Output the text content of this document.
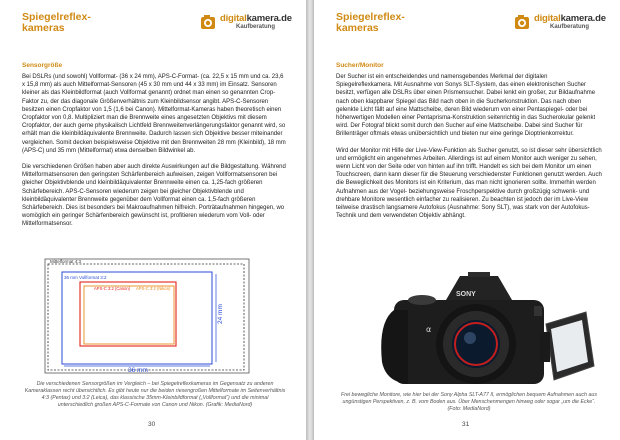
Spiegelreflex-
kameras
digitalkamera.de
Kaufberatung
Sensorgröße

Bei DSLRs (und sowohl) Vollformat- (36 x 24 mm), APS-C-Format- (ca. 22,5 x 15 mm und ca. 23,6 x 15,8 mm) als auch Mittelformat-Sensoren (45 x 30 mm und 44 x 33 mm) im Einsatz. Sensoren kleiner als das Kleinbildformat (auch Vollformat genannt) ordnet man einen so genannten Crop-Faktor zu, der das diagonale Größenverhältnis zum Kleinbildsensor angibt. APS-C-Sensoren besitzen einen Cropfaktor von 1,5 (1,6 bei Canon). Mittelformat-Kameras haben theoretisch einen Cropfaktor von 0,8. Multipliziert man die Brennweite eines angesetzten Objektivs mit diesem Cropfaktor, der auch gerne physikalisch Lichtfeld Brennweitenverlängerungsfaktor genannt wird, so erhält man die kleinbildäquivalente Brennweite. Dadurch lassen sich Objektive besser miteinander vergleichen. Somit decken beispielsweise Objektive mit den Brennweiten 28 mm (Kleinbild), 18 mm (APS-C) und 35 mm (Mittelformat) etwa denselben Bildwinkel ab.

Die verschiedenen Größen haben aber auch direkte Auswirkungen auf die Bildgestaltung. Während Mittelformatsensoren den geringsten Schärfenbereich aufweisen, zeigen Vollformatsensoren bei gleicher Objektivblende und kleinbildäquivalenter Brennweite einen ca. 1,25-fach größeren Schärfebereich. APS-C-Sensoren wiederum zeigen bei gleicher Objektivblende und kleinbildäquivalenter Brennweite gegenüber dem Vollformat einen ca. 1,5-fach größeren Schärfebereich. Dies ist besonders bei Makroaufnahmen hilfreich. Porträtaufnahmen hingegen, wo womöglich ein geringer Schärfenbereich gewünscht ist, profitieren wiederum vom Voll- oder Mittelformatsensor.

Mittelformat 4:3
36 mm Vollformat 3:2
APS-C 3:2 (Canon) APS-C 3:2 (Nikon)
24 mm
36 mm
Die verschiedenen Sensorgrößen im Vergleich – bei Spiegelreflexkameras im Gegensatz zu anderen Kameraklassen recht übersichtlich. Es gibt heute nur die beiden riesengroßen Mittelformate im Seitenverhältnis 4:3 (Pentax) und 3:2 (Leica), das klassische 35mm-Kleinbildformat („Vollformat“) und die minimal unterschiedlich großen APS-C-Formate von Canon und Nikon. (Grafik: MediaNord)
30
Spiegelreflex-
kameras
digitalkamera.de
Kaufberatung
Sucher/Monitor

Der Sucher ist ein entscheidendes und namensgebendes Merkmal der digitalen Spiegelreflexkamera. Mit Ausnahme von Sonys SLT-System, das einen elektronischen Sucher besitzt, verfügen alle DSLRs über einen Prismensucher. Dabei lenkt ein großer, zur Bildaufnahme nach oben klappbarer Spiegel das Bild nach oben in die Sucherkonstruktion. Das nach oben gelenkte Licht fällt auf eine Mattscheibe, deren Bild wiederum von einer Pentaspiegel- oder bei höherwertigen Modellen einer Pentaprisma-Konstruktion seitenrichtig in das Sucherokular gelenkt wird. Der Fotograf blickt somit durch den Sucher auf eine Mattscheibe. Dabei sind Sucher für Brillenträger oftmals etwas unübersichtlich und bieten nur eine geringe Dioptrienkorrektur.

Wird der Monitor mit Hilfe der Live-View-Funktion als Sucher genutzt, so ist dieser sehr übersichtlich und ermöglicht ein angenehmes Arbeiten. Allerdings ist auf einem Monitor auch weniger zu sehen, wenn Licht von der Seite oder von hinten auf ihn trifft. Handelt es sich bei dem Monitor um einen Touchscreen, dann kann dieser für die Steuerung verschiedenster Funktionen genutzt werden. Auch die Beweglichkeit des Monitors ist ein Kriterium, das man nicht ignorieren sollte. Immerhin werden Aufnahmen aus der Vogel- beziehungsweise Froschperspektive durch großzügig schwenk- und drehbare Monitore wesentlich einfacher zu realisieren. Zu beachten ist jedoch der im Live-View teilweise drastisch langsamere Autofokus (Ausnahme: Sony SLT), was stark von der Autofokus-Technik und dem verwendeten Objektiv abhängt.

SONY
α
Frei bewegliche Monitore, wie hier bei der Sony Alpha SLT-A77 II, ermöglichen bequem Aufnahmen auch aus ungünstigen Perspektiven, z. B. vom Boden aus. Über Menschenmengen hinweg oder sogar „um die Ecke“. (Foto: MediaNord)
31
